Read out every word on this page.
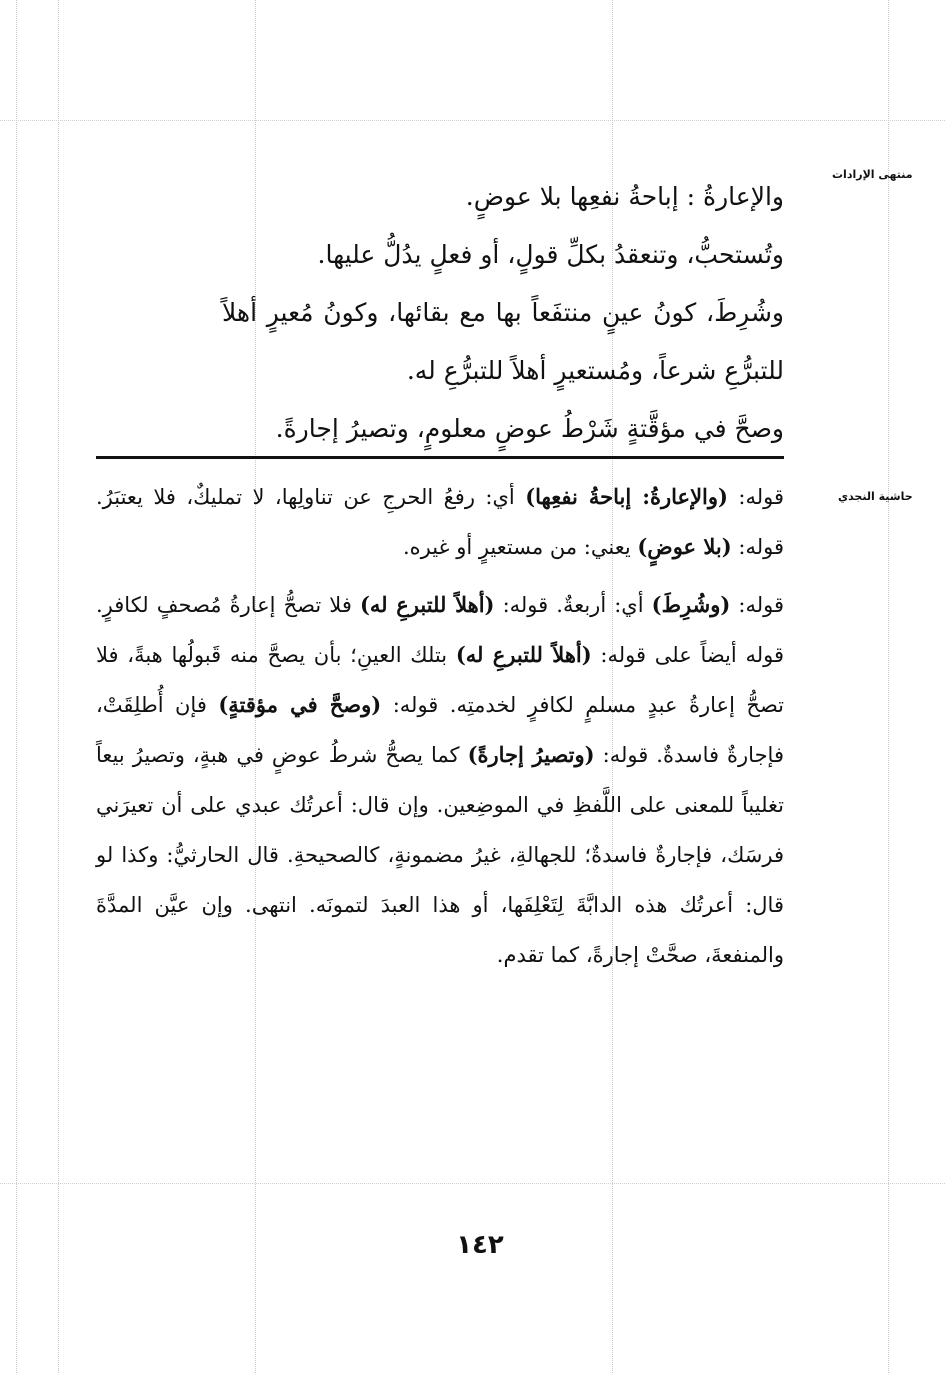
منتهى الإرادات
حاشية النجدي

والإعارةُ : إباحةُ نفعِها بلا عوضٍ.

وتُستحبُّ، وتنعقدُ بكلِّ قولٍ، أو فعلٍ يدُلُّ عليها.

وشُرِطَ، كونُ عينٍ منتفَعاً بها مع بقائها، وكونُ مُعيرٍ أهلاً للتبرُّعِ شرعاً، ومُستعيرٍ أهلاً للتبرُّعِ له.

وصحَّ في مؤقَّتةٍ شَرْطُ عوضٍ معلومٍ، وتصيرُ إجارةً.

قوله: (والإعارةُ: إباحةُ نفعِها) أي: رفعُ الحرجِ عن تناولِها، لا تمليكٌ، فلا يعتبَرُ. قوله: (بلا عوضٍ) يعني: من مستعيرٍ أو غيره.

قوله: (وشُرِطَ) أي: أربعةٌ. قوله: (أهلاً للتبرعِ له) فلا تصحُّ إعارةُ مُصحفٍ لكافرٍ. قوله أيضاً على قوله: (أهلاً للتبرعِ له) بتلك العينِ؛ بأن يصحَّ منه قَبولُها هبةً، فلا تصحُّ إعارةُ عبدٍ مسلمٍ لكافرٍ لخدمتِه. قوله: (وصحَّ في مؤقتةٍ) فإن أُطلِقَتْ، فإجارةٌ فاسدةٌ. قوله: (وتصيرُ إجارةً) كما يصحُّ شرطُ عوضٍ في هبةٍ، وتصيرُ بيعاً تغليباً للمعنى على اللَّفظِ في الموضِعين. وإن قال: أعرتُك عبدي على أن تعيرَني فرسَك، فإجارةٌ فاسدةٌ؛ للجهالةِ، غيرُ مضمونةٍ، كالصحيحةِ. قال الحارثيُّ: وكذا لو قال: أعرتُك هذه الدابَّةَ لِتَعْلِفَها، أو هذا العبدَ لتمونَه. انتهى. وإن عيَّن المدَّةَ والمنفعةَ، صحَّتْ إجارةً، كما تقدم.

١٤٢
